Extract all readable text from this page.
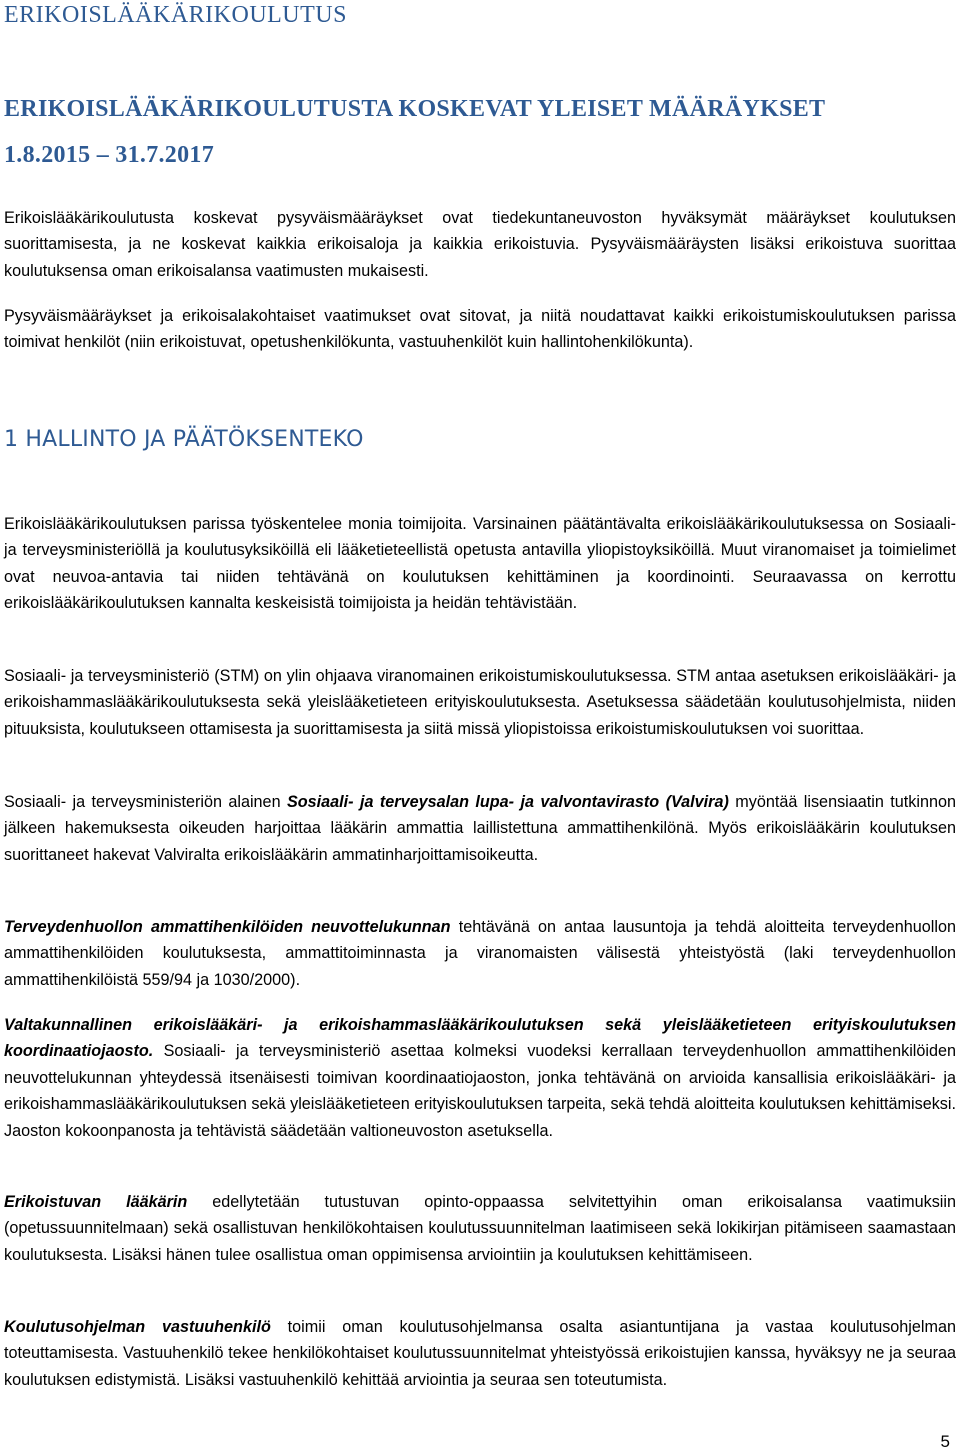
ERIKOISLÄÄKÄRIKOULUTUS
ERIKOISLÄÄKÄRIKOULUTUSTA KOSKEVAT YLEISET MÄÄRÄYKSET 1.8.2015 – 31.7.2017

Erikoislääkärikoulutusta koskevat pysyväismääräykset ovat tiedekuntaneuvoston hyväksymät määräykset koulutuksen suorittamisesta, ja ne koskevat kaikkia erikoisaloja ja kaikkia erikoistuvia. Pysyväismääräysten lisäksi erikoistuva suorittaa koulutuksensa oman erikoisalansa vaatimusten mukaisesti.

Pysyväismääräykset ja erikoisalakohtaiset vaatimukset ovat sitovat, ja niitä noudattavat kaikki erikoistumiskoulutuksen parissa toimivat henkilöt (niin erikoistuvat, opetushenkilökunta, vastuuhenkilöt kuin hallintohenkilökunta).

1 HALLINTO JA PÄÄTÖKSENTEKO

Erikoislääkärikoulutuksen parissa työskentelee monia toimijoita. Varsinainen päätäntävalta erikoislääkärikoulutuksessa on Sosiaali- ja terveysministeriöllä ja koulutusyksiköillä eli lääketieteellistä opetusta antavilla yliopistoyksiköillä. Muut viranomaiset ja toimielimet ovat neuvoa-antavia tai niiden tehtävänä on koulutuksen kehittäminen ja koordinointi. Seuraavassa on kerrottu erikoislääkärikoulutuksen kannalta keskeisistä toimijoista ja heidän tehtävistään.

Sosiaali- ja terveysministeriö (STM) on ylin ohjaava viranomainen erikoistumiskoulutuksessa. STM antaa asetuksen erikoislääkäri- ja erikoishammaslääkärikoulutuksesta sekä yleislääketieteen erityiskoulutuksesta. Asetuksessa säädetään koulutusohjelmista, niiden pituuksista, koulutukseen ottamisesta ja suorittamisesta ja siitä missä yliopistoissa erikoistumiskoulutuksen voi suorittaa.

Sosiaali- ja terveysministeriön alainen Sosiaali- ja terveysalan lupa- ja valvontavirasto (Valvira) myöntää lisensiaatin tutkinnon jälkeen hakemuksesta oikeuden harjoittaa lääkärin ammattia laillistettuna ammattihenkilönä. Myös erikoislääkärin koulutuksen suorittaneet hakevat Valviralta erikoislääkärin ammatinharjoittamisoikeutta.

Terveydenhuollon ammattihenkilöiden neuvottelukunnan tehtävänä on antaa lausuntoja ja tehdä aloitteita terveydenhuollon ammattihenkilöiden koulutuksesta, ammattitoiminnasta ja viranomaisten välisestä yhteistyöstä (laki terveydenhuollon ammattihenkilöistä 559/94 ja 1030/2000).

Valtakunnallinen erikoislääkäri- ja erikoishammaslääkärikoulutuksen sekä yleislääketieteen erityiskoulutuksen koordinaatiojaosto. Sosiaali- ja terveysministeriö asettaa kolmeksi vuodeksi kerrallaan terveydenhuollon ammattihenkilöiden neuvottelukunnan yhteydessä itsenäisesti toimivan koordinaatiojaoston, jonka tehtävänä on arvioida kansallisia erikoislääkäri- ja erikoishammaslääkärikoulutuksen sekä yleislääketieteen erityiskoulutuksen tarpeita, sekä tehdä aloitteita koulutuksen kehittämiseksi. Jaoston kokoonpanosta ja tehtävistä säädetään valtioneuvoston asetuksella.

Erikoistuvan lääkärin edellytetään tutustuvan opinto-oppaassa selvitettyihin oman erikoisalansa vaatimuksiin (opetussuunnitelmaan) sekä osallistuvan henkilökohtaisen koulutussuunnitelman laatimiseen sekä lokikirjan pitämiseen saamastaan koulutuksesta. Lisäksi hänen tulee osallistua oman oppimisensa arviointiin ja koulutuksen kehittämiseen.

Koulutusohjelman vastuuhenkilö toimii oman koulutusohjelmansa osalta asiantuntijana ja vastaa koulutusohjelman toteuttamisesta. Vastuuhenkilö tekee henkilökohtaiset koulutussuunnitelmat yhteistyössä erikoistujien kanssa, hyväksyy ne ja seuraa koulutuksen edistymistä. Lisäksi vastuuhenkilö kehittää arviointia ja seuraa sen toteutumista.

5
